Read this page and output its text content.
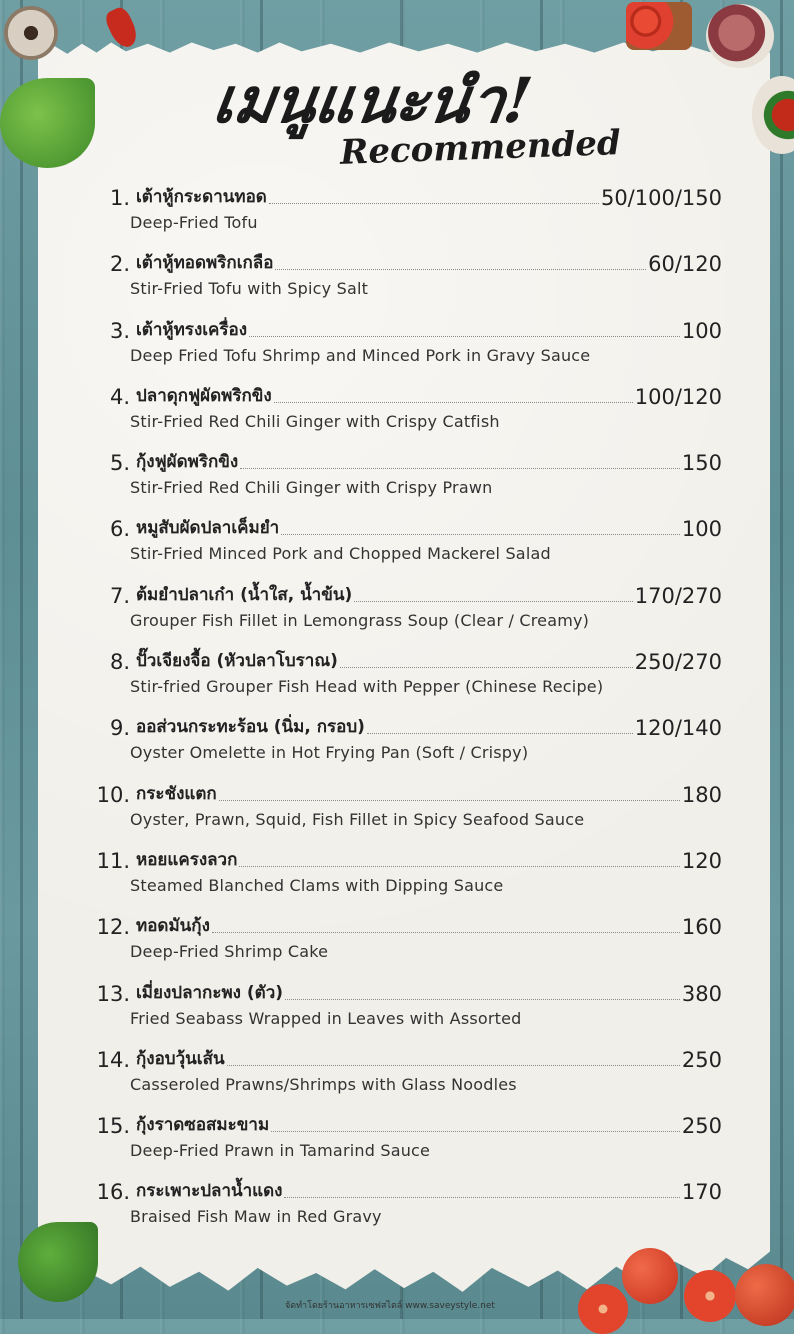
เมนูแนะนำ!
Recommended
1. เต้าหู้กระดานทอด	50/100/150
Deep-Fried Tofu
2. เต้าหู้ทอดพริกเกลือ	60/120
Stir-Fried Tofu with Spicy Salt
3. เต้าหู้ทรงเครื่อง	100
Deep Fried Tofu Shrimp and Minced Pork in Gravy Sauce
4. ปลาดุกฟูผัดพริกขิง	100/120
Stir-Fried Red Chili Ginger with Crispy Catfish
5. กุ้งฟูผัดพริกขิง	150
Stir-Fried Red Chili Ginger with Crispy Prawn
6. หมูสับผัดปลาเค็มยำ	100
Stir-Fried Minced Pork and Chopped Mackerel Salad
7. ต้มยำปลาเก๋า (น้ำใส, น้ำข้น)	170/270
Grouper Fish Fillet in Lemongrass Soup (Clear / Creamy)
8. ปั๊วเจียงจื้อ (หัวปลาโบราณ)	250/270
Stir-fried Grouper Fish Head with Pepper (Chinese Recipe)
9. ออส่วนกระทะร้อน (นิ่ม, กรอบ)	120/140
Oyster Omelette in Hot Frying Pan (Soft / Crispy)
10. กระชังแตก	180
Oyster, Prawn, Squid, Fish Fillet in Spicy Seafood Sauce
11. หอยแครงลวก	120
Steamed Blanched Clams with Dipping Sauce
12. ทอดมันกุ้ง	160
Deep-Fried Shrimp Cake
13. เมี่ยงปลากะพง (ตัว)	380
Fried Seabass Wrapped in Leaves with Assorted
14. กุ้งอบวุ้นเส้น	250
Casseroled Prawns/Shrimps with Glass Noodles
15. กุ้งราดซอสมะขาม	250
Deep-Fried Prawn in Tamarind Sauce
16. กระเพาะปลาน้ำแดง	170
Braised Fish Maw in Red Gravy
จัดทำโดยร้านอาหารเซฟสไตล์ www.saveystyle.net
